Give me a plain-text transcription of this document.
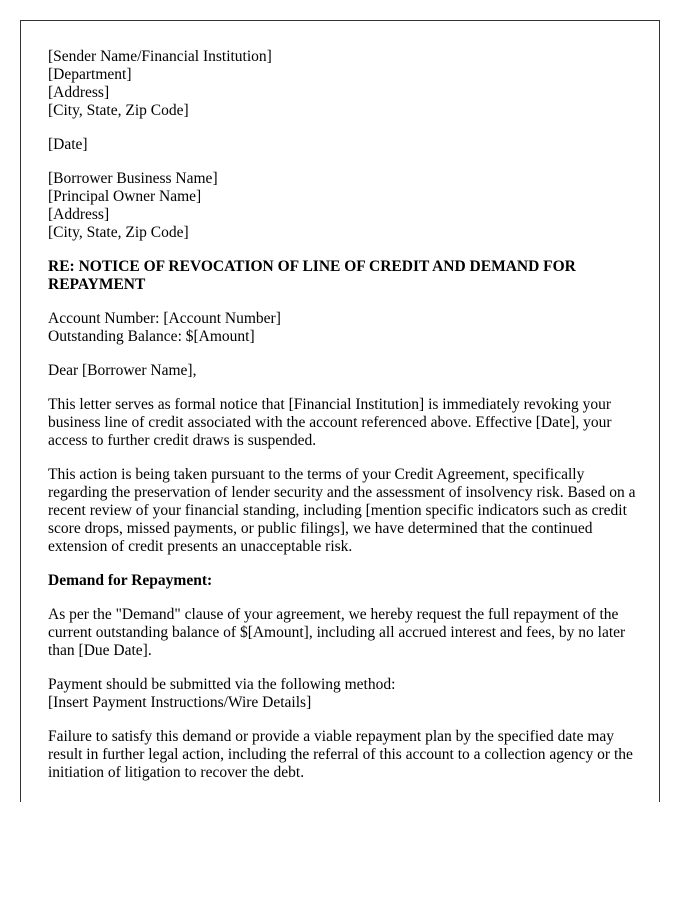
[Sender Name/Financial Institution]
[Department]
[Address]
[City, State, Zip Code]

[Date]

[Borrower Business Name]
[Principal Owner Name]
[Address]
[City, State, Zip Code]

RE: NOTICE OF REVOCATION OF LINE OF CREDIT AND DEMAND FOR REPAYMENT

Account Number: [Account Number]
Outstanding Balance: $[Amount]

Dear [Borrower Name],

This letter serves as formal notice that [Financial Institution] is immediately revoking your business line of credit associated with the account referenced above. Effective [Date], your access to further credit draws is suspended.

This action is being taken pursuant to the terms of your Credit Agreement, specifically regarding the preservation of lender security and the assessment of insolvency risk. Based on a recent review of your financial standing, including [mention specific indicators such as credit score drops, missed payments, or public filings], we have determined that the continued extension of credit presents an unacceptable risk.

Demand for Repayment:

As per the "Demand" clause of your agreement, we hereby request the full repayment of the current outstanding balance of $[Amount], including all accrued interest and fees, by no later than [Due Date].

Payment should be submitted via the following method:
[Insert Payment Instructions/Wire Details]

Failure to satisfy this demand or provide a viable repayment plan by the specified date may result in further legal action, including the referral of this account to a collection agency or the initiation of litigation to recover the debt.
